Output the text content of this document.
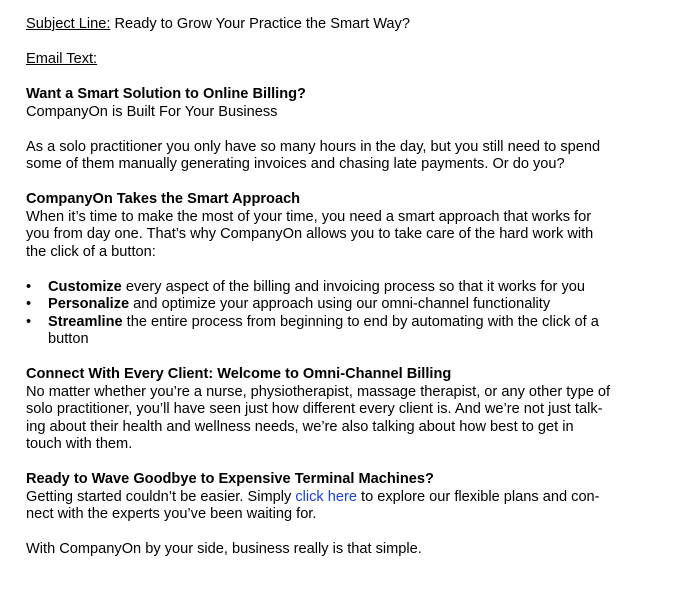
Subject Line: Ready to Grow Your Practice the Smart Way?

Email Text:

Want a Smart Solution to Online Billing?

CompanyOn is Built For Your Business

As a solo practitioner you only have so many hours in the day, but you still need to spend

some of them manually generating invoices and chasing late payments. Or do you?

CompanyOn Takes the Smart Approach

When it’s time to make the most of your time, you need a smart approach that works for

you from day one. That’s why CompanyOn allows you to take care of the hard work with

the click of a button:

• Customize every aspect of the billing and invoicing process so that it works for you
• Personalize and optimize your approach using our omni-channel functionality
• Streamline the entire process from beginning to end by automating with the click of a
button

Connect With Every Client: Welcome to Omni-Channel Billing

No matter whether you’re a nurse, physiotherapist, massage therapist, or any other type of

solo practitioner, you’ll have seen just how different every client is. And we’re not just talk-

ing about their health and wellness needs, we’re also talking about how best to get in

touch with them.

Ready to Wave Goodbye to Expensive Terminal Machines?

Getting started couldn’t be easier. Simply click here to explore our flexible plans and con-

nect with the experts you’ve been waiting for.

With CompanyOn by your side, business really is that simple.
